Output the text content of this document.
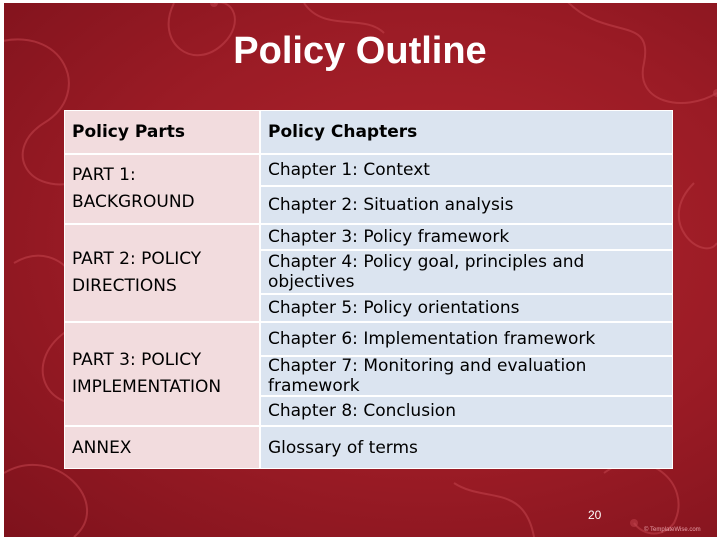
Policy Outline
Policy Parts	Policy Chapters
PART 1:
BACKGROUND
PART 2: POLICY
DIRECTIONS
PART 3: POLICY
IMPLEMENTATION
ANNEX
Chapter 1: Context
Chapter 2: Situation analysis
Chapter 3: Policy framework
Chapter 4: Policy goal, principles and objectives
Chapter 5: Policy orientations
Chapter 6: Implementation framework
Chapter 7: Monitoring and evaluation framework
Chapter 8: Conclusion
Glossary of terms
20
© TemplateWise.com
